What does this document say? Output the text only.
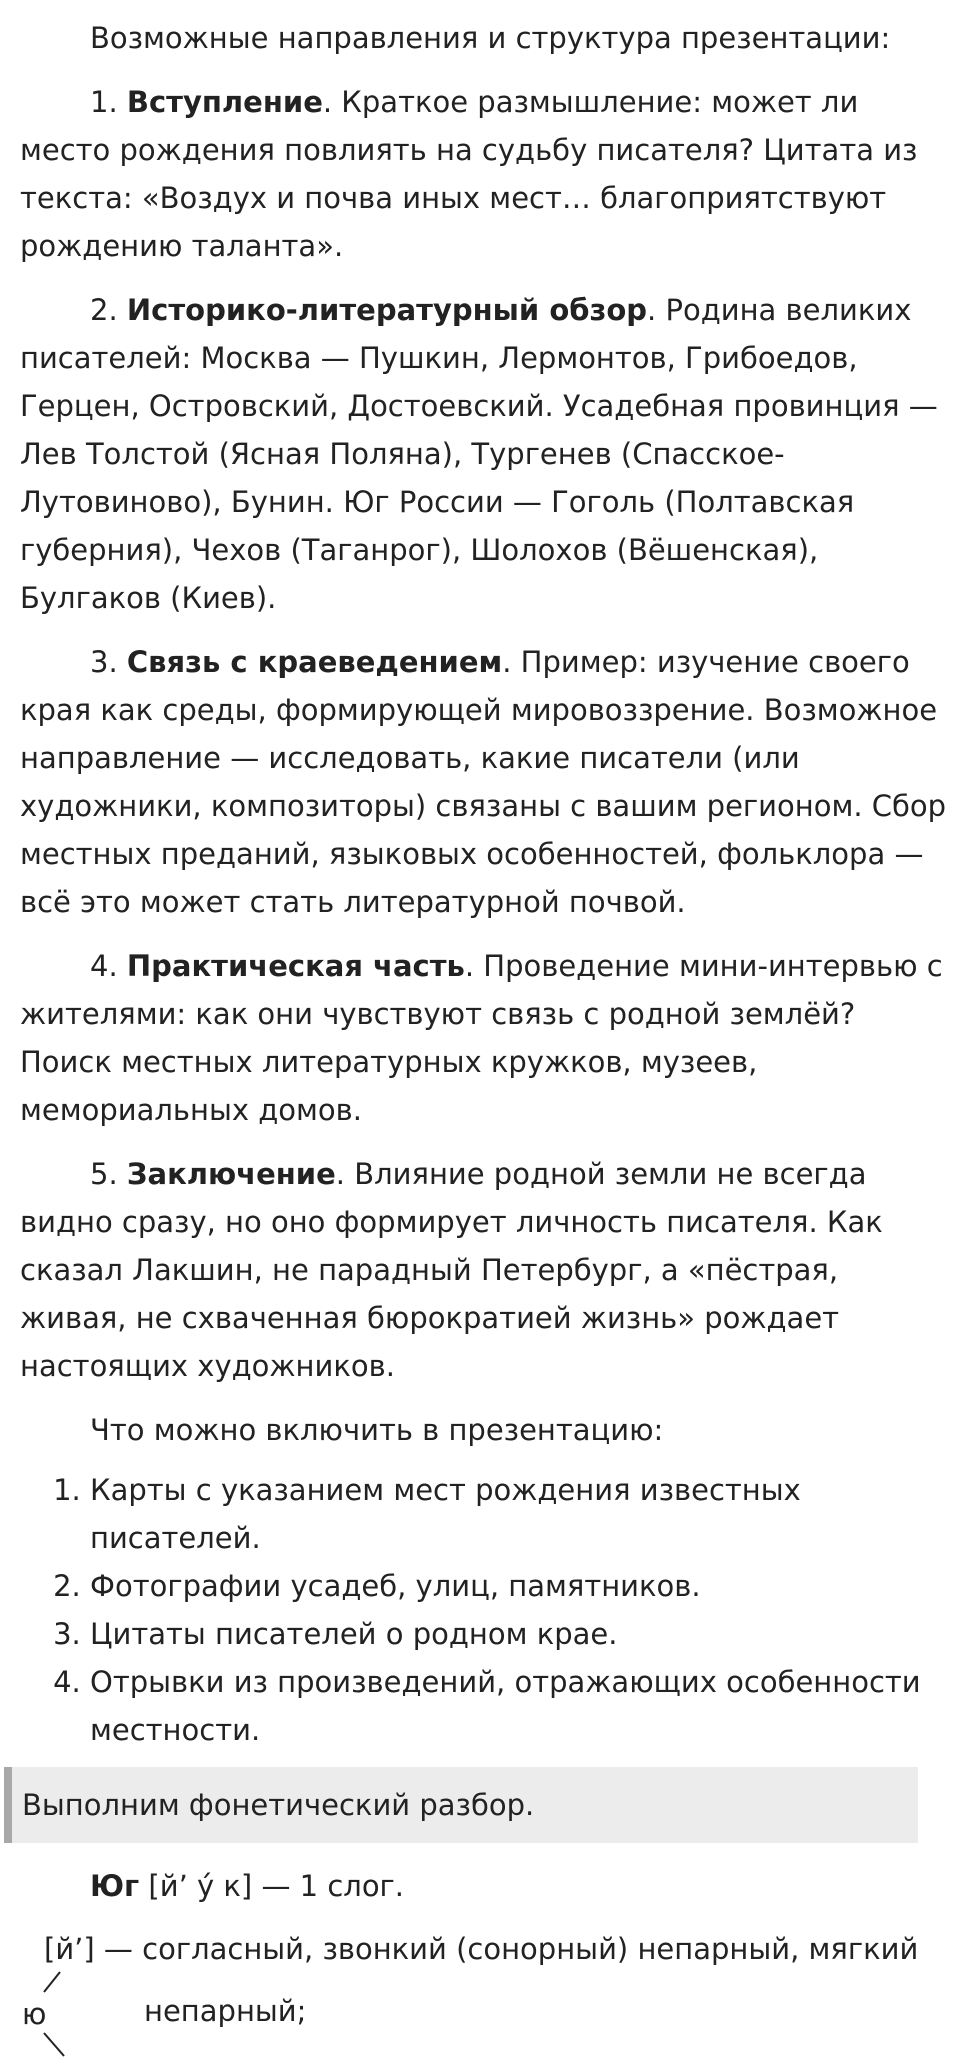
Возможные направления и структура презентации:

1. Вступление. Краткое размышление: может ли место рождения повлиять на судьбу писателя? Цитата из текста: «Воздух и почва иных мест… благоприятствуют рождению таланта».

2. Историко-литературный обзор. Родина великих писателей: Москва — Пушкин, Лермонтов, Грибоедов, Герцен, Островский, Достоевский. Усадебная провинция — Лев Толстой (Ясная Поляна), Тургенев (Спасское-Лутовиново), Бунин. Юг России — Гоголь (Полтавская губерния), Чехов (Таганрог), Шолохов (Вёшенская), Булгаков (Киев).

3. Связь с краеведением. Пример: изучение своего края как среды, формирующей мировоззрение. Возможное направление — исследовать, какие писатели (или художники, композиторы) связаны с вашим регионом. Сбор местных преданий, языковых особенностей, фольклора — всё это может стать литературной почвой.

4. Практическая часть. Проведение мини-интервью с жителями: как они чувствуют связь с родной землёй? Поиск местных литературных кружков, музеев, мемориальных домов.

5. Заключение. Влияние родной земли не всегда видно сразу, но оно формирует личность писателя. Как сказал Лакшин, не парадный Петербург, а «пёстрая, живая, не схваченная бюрократией жизнь» рождает настоящих художников.

Что можно включить в презентацию:

1. Карты с указанием мест рождения известных писателей.
2. Фотографии усадеб, улиц, памятников.
3. Цитаты писателей о родном крае.
4. Отрывки из произведений, отражающих особенности местности.
Выполним фонетический разбор.
Юг [й’ у́ к] — 1 слог.
[й’] — согласный, звонкий (сонорный) непарный, мягкий
ю	непарный;
